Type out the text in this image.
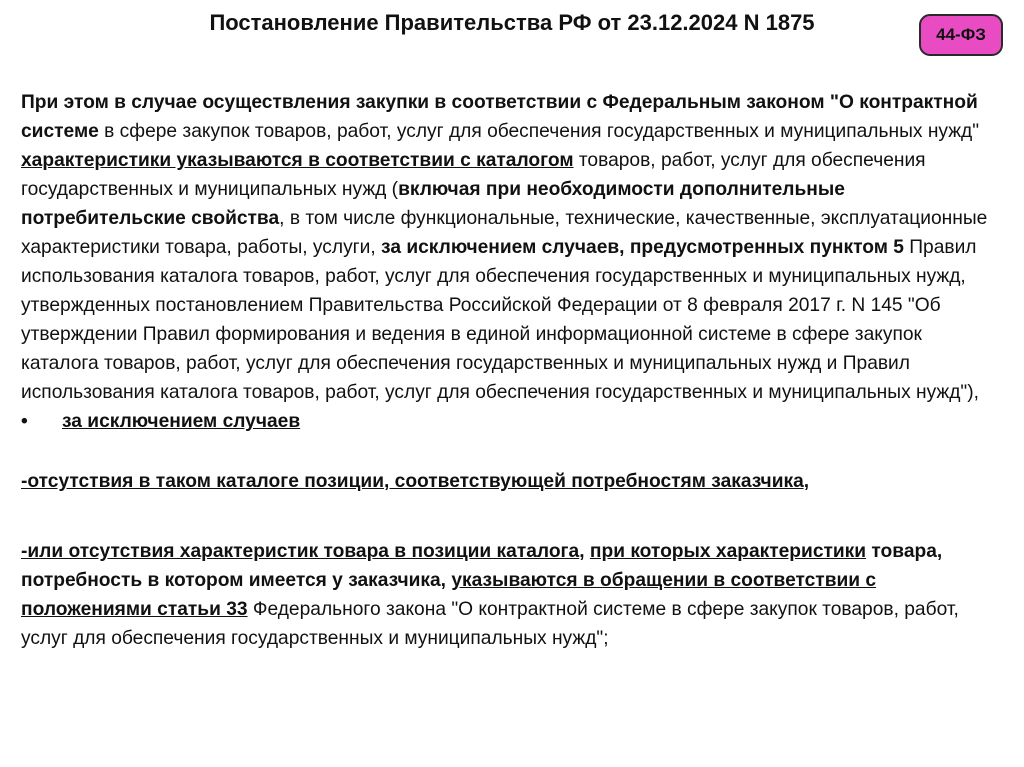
Постановление Правительства РФ от 23.12.2024 N 1875	44-ФЗ

При этом в случае осуществления закупки в соответствии с Федеральным законом "О контрактной системе в сфере закупок товаров, работ, услуг для обеспечения государственных и муниципальных нужд" характеристики указываются в соответствии с каталогом товаров, работ, услуг для обеспечения государственных и муниципальных нужд (включая при необходимости дополнительные потребительские свойства, в том числе функциональные, технические, качественные, эксплуатационные характеристики товара, работы, услуги, за исключением случаев, предусмотренных пунктом 5 Правил использования каталога товаров, работ, услуг для обеспечения государственных и муниципальных нужд, утвержденных постановлением Правительства Российской Федерации от 8 февраля 2017 г. N 145 "Об утверждении Правил формирования и ведения в единой информационной системе в сфере закупок каталога товаров, работ, услуг для обеспечения государственных и муниципальных нужд и Правил использования каталога товаров, работ, услуг для обеспечения государственных и муниципальных нужд"),

• за исключением случаев

-отсутствия в таком каталоге позиции, соответствующей потребностям заказчика,

-или отсутствия характеристик товара в позиции каталога, при которых характеристики товара, потребность в котором имеется у заказчика, указываются в обращении в соответствии с положениями статьи 33 Федерального закона "О контрактной системе в сфере закупок товаров, работ, услуг для обеспечения государственных и муниципальных нужд";
